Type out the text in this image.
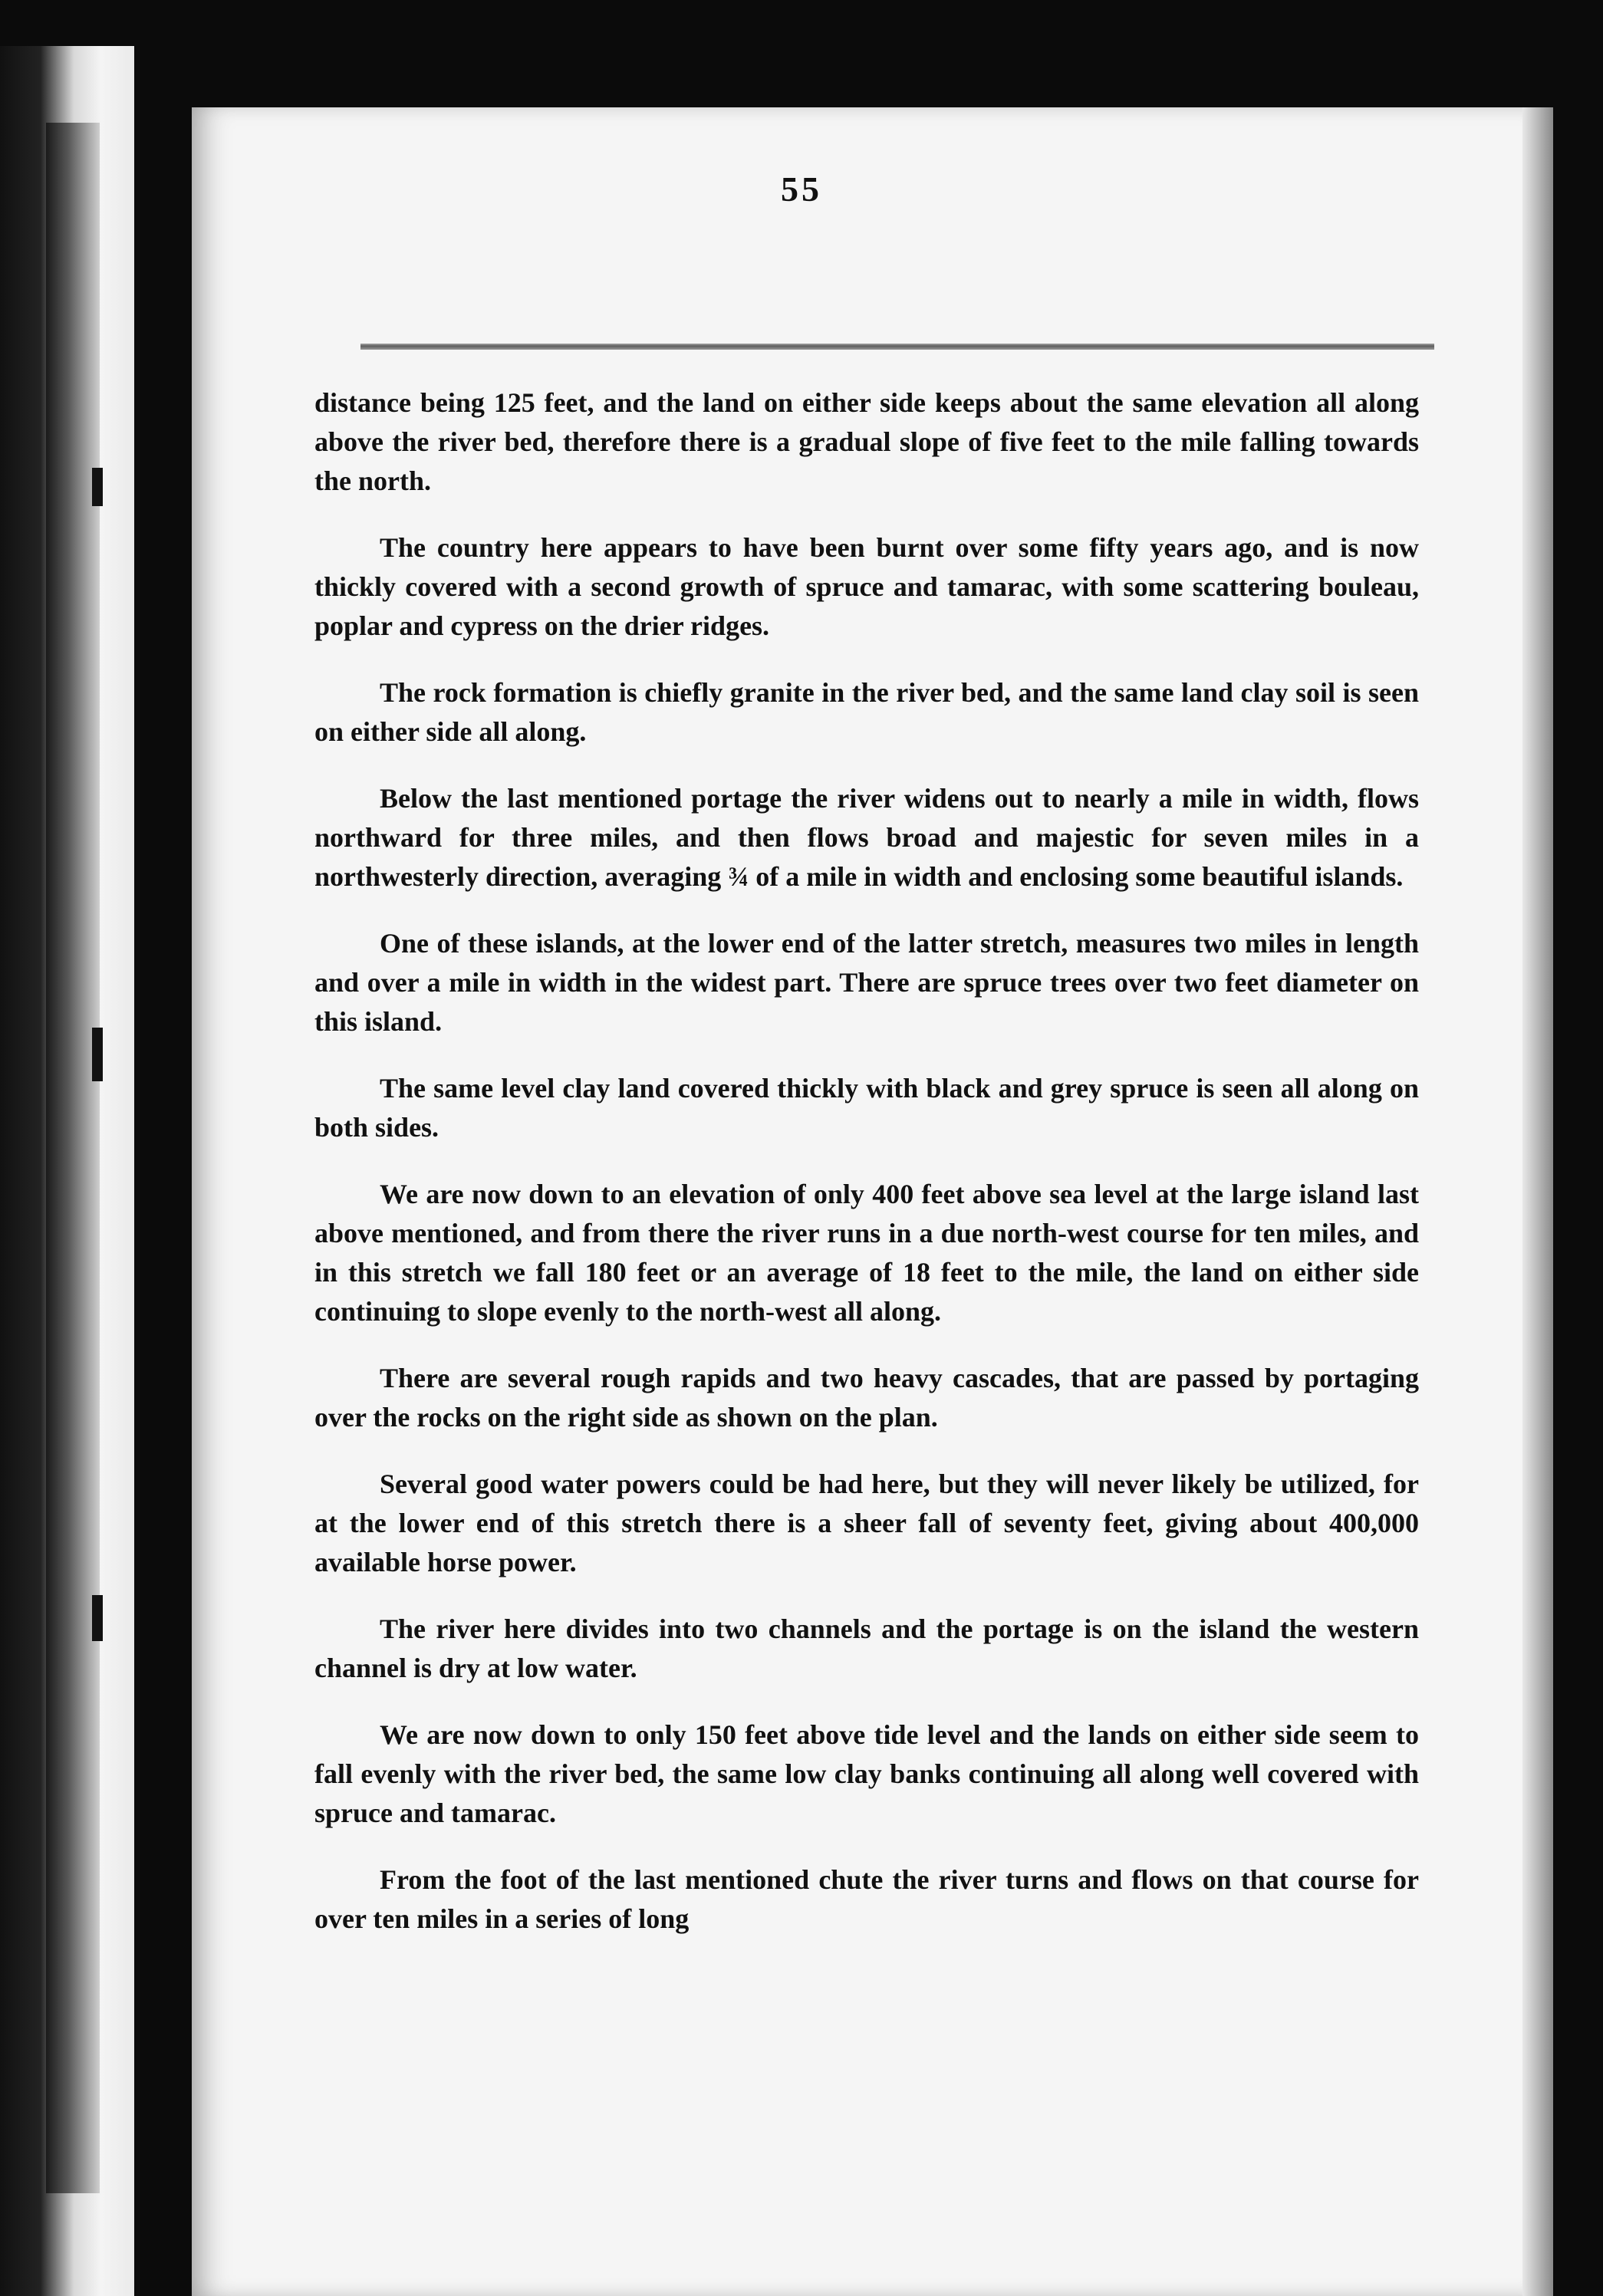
55

distance being 125 feet, and the land on either side keeps about the same elevation all along above the river bed, therefore there is a gradual slope of five feet to the mile falling towards the north.

The country here appears to have been burnt over some fifty years ago, and is now thickly covered with a second growth of spruce and tamarac, with some scattering bouleau, poplar and cypress on the drier ridges.

The rock formation is chiefly granite in the river bed, and the same land clay soil is seen on either side all along.

Below the last mentioned portage the river widens out to nearly a mile in width, flows northward for three miles, and then flows broad and majestic for seven miles in a northwesterly direction, averaging ¾ of a mile in width and enclosing some beautiful islands.

One of these islands, at the lower end of the latter stretch, measures two miles in length and over a mile in width in the widest part. There are spruce trees over two feet diameter on this island.

The same level clay land covered thickly with black and grey spruce is seen all along on both sides.

We are now down to an elevation of only 400 feet above sea level at the large island last above mentioned, and from there the river runs in a due north-west course for ten miles, and in this stretch we fall 180 feet or an average of 18 feet to the mile, the land on either side continuing to slope evenly to the north-west all along.

There are several rough rapids and two heavy cascades, that are passed by portaging over the rocks on the right side as shown on the plan.

Several good water powers could be had here, but they will never likely be utilized, for at the lower end of this stretch there is a sheer fall of seventy feet, giving about 400,000 available horse power.

The river here divides into two channels and the portage is on the island the western channel is dry at low water.

We are now down to only 150 feet above tide level and the lands on either side seem to fall evenly with the river bed, the same low clay banks continuing all along well covered with spruce and tamarac.

From the foot of the last mentioned chute the river turns and flows on that course for over ten miles in a series of long
